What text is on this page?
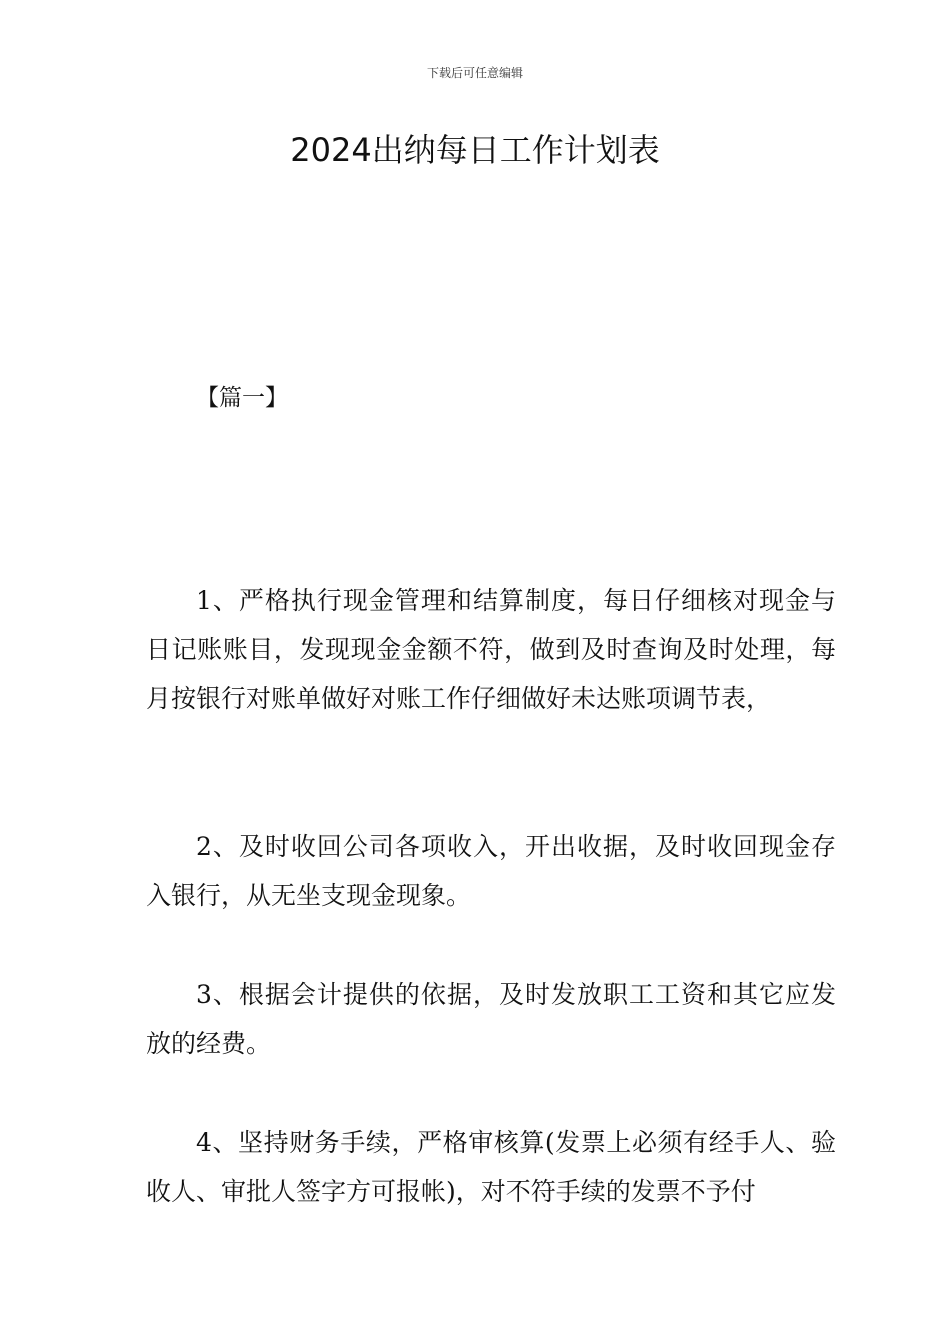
下载后可任意编辑
2024出纳每日工作计划表
【篇一】

1、严格执行现金管理和结算制度，每日仔细核对现金与日记账账目，发现现金金额不符，做到及时查询及时处理，每月按银行对账单做好对账工作仔细做好未达账项调节表，

2、及时收回公司各项收入，开出收据，及时收回现金存入银行，从无坐支现金现象。

3、根据会计提供的依据，及时发放职工工资和其它应发放的经费。

4、坚持财务手续，严格审核算(发票上必须有经手人、验收人、审批人签字方可报帐)，对不符手续的发票不予付
